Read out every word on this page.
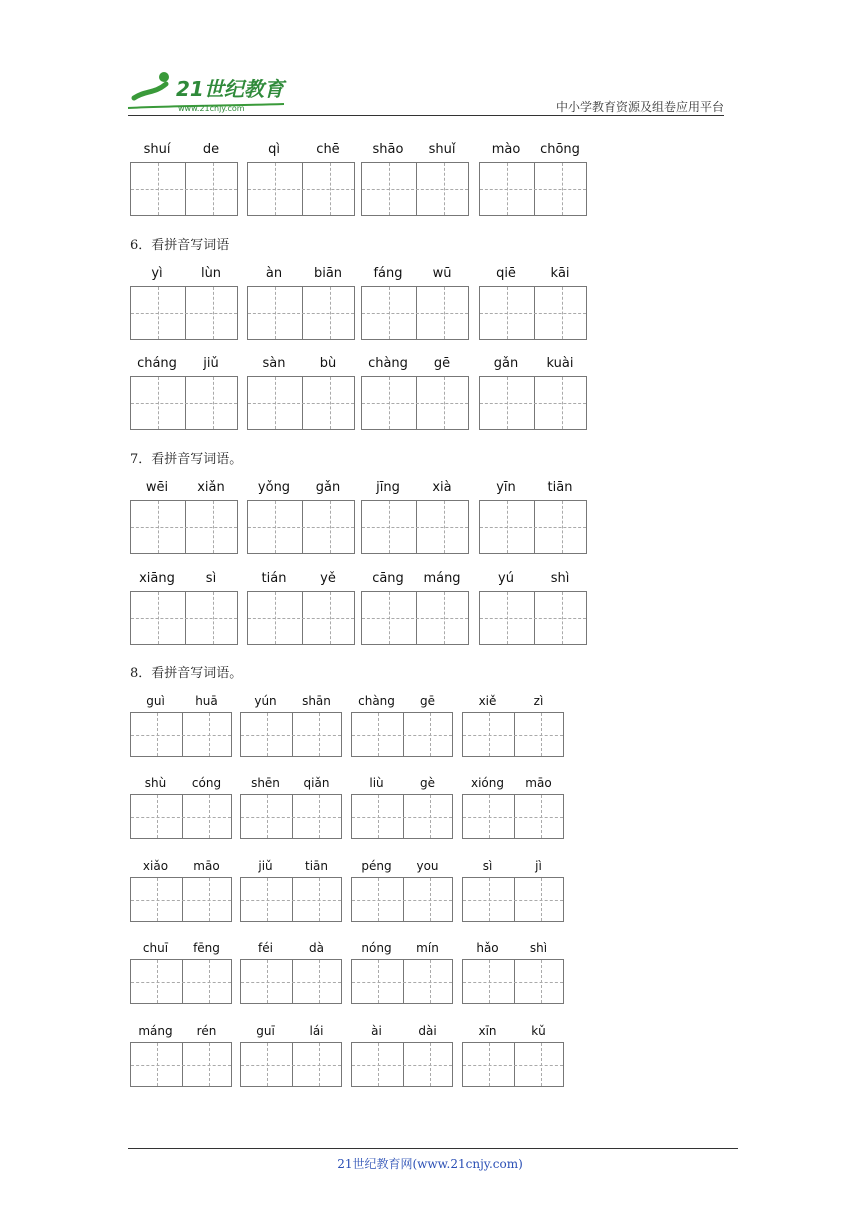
21世纪教育
www.21cnjy.com	中小学教育资源及组卷应用平台
shuí	de	qì	chē	shāo	shuǐ	mào	chōng
6．看拼音写词语
yì	lùn	àn	biān	fáng	wū	qiē	kāi
cháng	jiǔ	sàn	bù	chàng	gē	gǎn	kuài
7．看拼音写词语。
wēi	xiǎn	yǒng	gǎn	jīng	xià	yīn	tiān
xiāng	sì	tián	yě	cāng	máng	yú	shì
8．看拼音写词语。
guì	huā	yún	shān	chàng	gē	xiě	zì
shù	cóng	shēn	qiǎn	liù	gè	xióng	māo
xiǎo	māo	jiǔ	tiān	péng	you	sì	jì
chuī	fēng	féi	dà	nóng	mín	hǎo	shì
máng	rén	guī	lái	ài	dài	xīn	kǔ
21世纪教育网(www.21cnjy.com)
